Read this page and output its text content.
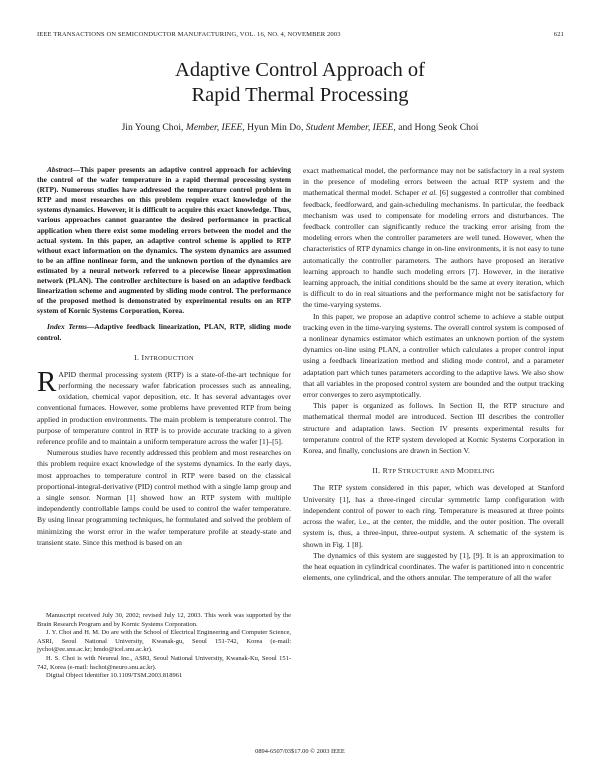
IEEE TRANSACTIONS ON SEMICONDUCTOR MANUFACTURING, VOL. 16, NO. 4, NOVEMBER 2003	621
Adaptive Control Approach of
Rapid Thermal Processing
Jin Young Choi, Member, IEEE, Hyun Min Do, Student Member, IEEE, and Hong Seok Choi
Abstract—This paper presents an adaptive control approach for achieving the control of the wafer temperature in a rapid thermal processing system (RTP). Numerous studies have addressed the temperature control problem in RTP and most researches on this problem require exact knowledge of the systems dynamics. However, it is difficult to acquire this exact knowledge. Thus, various approaches cannot guarantee the desired performance in practical application when there exist some modeling errors between the model and the actual system. In this paper, an adaptive control scheme is applied to RTP without exact information on the dynamics. The system dynamics are assumed to be an affine nonlinear form, and the unknown portion of the dynamics are estimated by a neural network referred to a piecewise linear approximation network (PLAN). The controller architecture is based on an adaptive feedback linearization scheme and augmented by sliding mode control. The performance of the proposed method is demonstrated by experimental results on an RTP system of Kornic Systems Corporation, Korea.
Index Terms—Adaptive feedback linearization, PLAN, RTP, sliding mode control.
I. INTRODUCTION

RAPID thermal processing system (RTP) is a state-of-the-art technique for performing the necessary wafer fabrication processes such as annealing, oxidation, chemical vapor deposition, etc. It has several advantages over conventional furnaces. However, some problems have prevented RTP from being applied in production environments. The main problem is temperature control. The purpose of temperature control in RTP is to provide accurate tracking to a given reference profile and to maintain a uniform temperature across the wafer [1]–[5].

Numerous studies have recently addressed this problem and most researches on this problem require exact knowledge of the systems dynamics. In the early days, most approaches to temperature control in RTP were based on the classical proportional-integral-derivative (PID) control method with a single lamp group and a single sensor. Norman [1] showed how an RTP system with multiple independently controllable lamps could be used to control the wafer temperature. By using linear programming techniques, he formulated and solved the problem of minimizing the worst error in the wafer temperature profile at steady-state and transient state. Since this method is based on an

Manuscript received July 30, 2002; revised July 12, 2003. This work was supported by the Brain Research Program and by Kornic Systems Corporation.

J. Y. Choi and H. M. Do are with the School of Electrical Engineering and Computer Science, ASRI, Seoul National University, Kwanak-gu, Seoul 151-742, Korea (e-mail: jychoi@ee.snu.ac.kr; hmdo@icel.snu.ac.kr).

H. S. Choi is with Neureal Inc., ASRI, Seoul National University, Kwanak-Ku, Seoul 151-742, Korea (e-mail: hschoi@neuro.snu.ac.kr).

Digital Object Identifier 10.1109/TSM.2003.818961

exact mathematical model, the performance may not be satisfactory in a real system in the presence of modeling errors between the actual RTP system and the mathematical thermal model. Schaper et al. [6] suggested a controller that combined feedback, feedforward, and gain-scheduling mechanisms. In particular, the feedback mechanism was used to compensate for modeling errors and disturbances. The feedback controller can significantly reduce the tracking error arising from the modeling errors when the controller parameters are well tuned. However, when the characteristics of RTP dynamics change in on-line environments, it is not easy to tune automatically the controller parameters. The authors have proposed an iterative learning approach to handle such modeling errors [7]. However, in the iterative learning approach, the initial conditions should be the same at every iteration, which is difficult to do in real situations and the performance might not be satisfactory for the time-varying systems.

In this paper, we propose an adaptive control scheme to achieve a stable output tracking even in the time-varying systems. The overall control system is composed of a nonlinear dynamics estimator which estimates an unknown portion of the system dynamics on-line using PLAN, a controller which calculates a proper control input using a feedback linearization method and sliding mode control, and a parameter adaptation part which tunes parameters according to the adaptive laws. We also show that all variables in the proposed control system are bounded and the output tracking error converges to zero asymptotically.

This paper is organized as follows. In Section II, the RTP structure and mathematical thermal model are introduced. Section III describes the controller structure and adaptation laws. Section IV presents experimental results for temperature control of the RTP system developed at Kornic Systems Corporation in Korea, and finally, conclusions are drawn in Section V.

II. RTP STRUCTURE AND MODELING

The RTP system considered in this paper, which was developed at Stanford University [1], has a three-ringed circular symmetric lamp configuration with independent control of power to each ring. Temperature is measured at three points across the wafer, i.e., at the center, the middle, and the outer position. The overall system is, thus, a three-input, three-output system. A schematic of the system is shown in Fig. 1 [8].

The dynamics of this system are suggested by [1], [9]. It is an approximation to the heat equation in cylindrical coordinates. The wafer is partitioned into n concentric elements, one cylindrical, and the others annular. The temperature of all the wafer

0894-6507/03$17.00 © 2003 IEEE
